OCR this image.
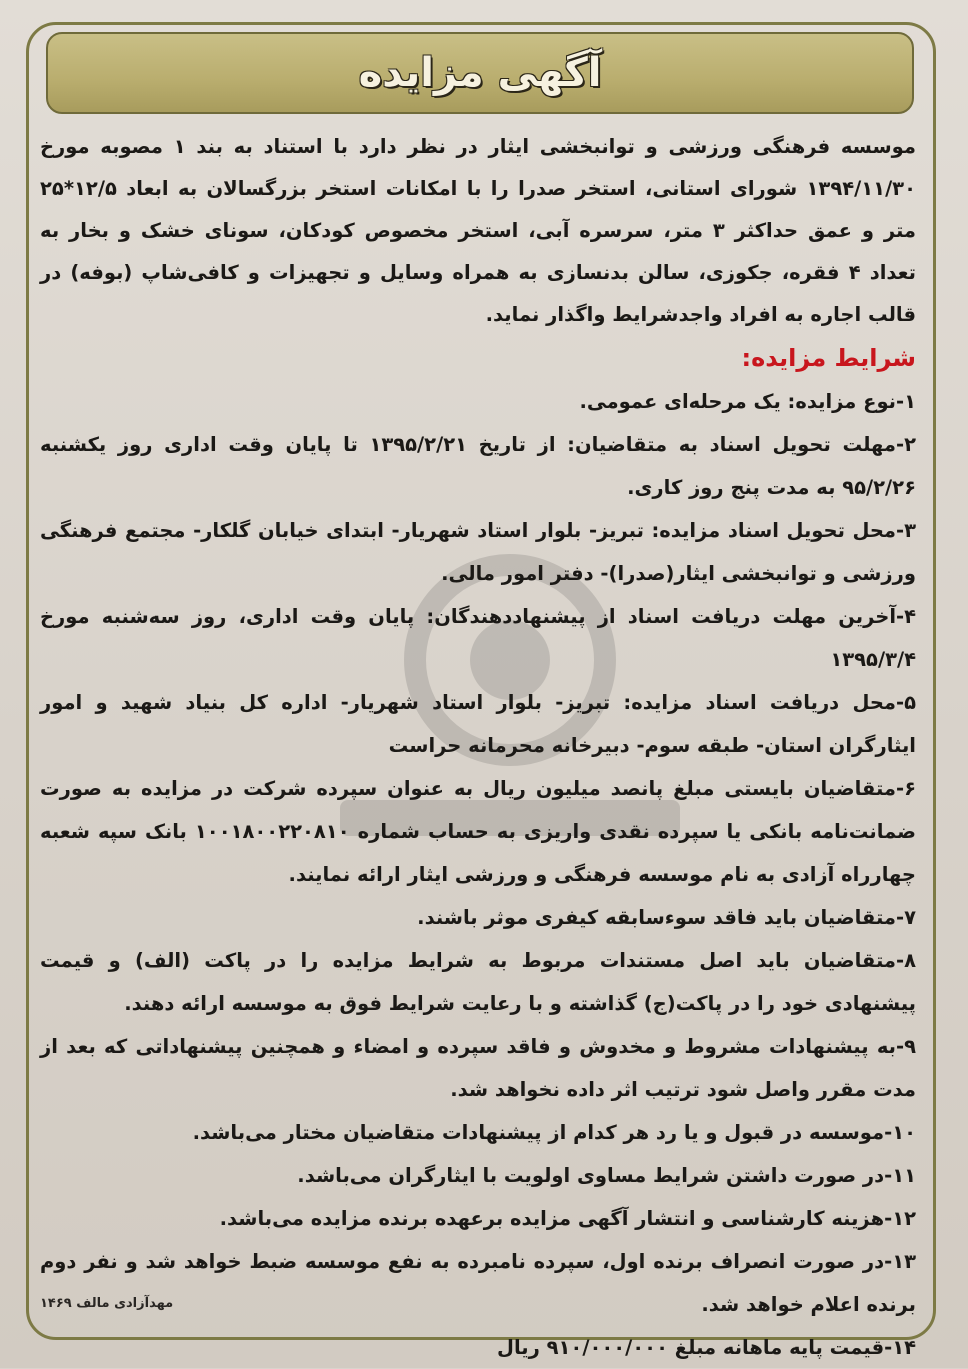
آگهی مزایده

موسسه فرهنگی ورزشی و توانبخشی ایثار در نظر دارد با استناد به بند ۱ مصوبه مورخ ۱۳۹۴/۱۱/۳۰ شورای استانی، استخر صدرا را با امکانات استخر بزرگسالان به ابعاد ۱۲/۵*۲۵ متر و عمق حداکثر ۳ متر، سرسره آبی، استخر مخصوص کودکان، سونای خشک و بخار به تعداد ۴ فقره، جکوزی، سالن بدنسازی به همراه وسایل و تجهیزات و کافی‌شاپ (بوفه) در قالب اجاره به افراد واجدشرایط واگذار نماید.

شرایط مزایده:

۱-نوع مزایده: یک مرحله‌ای عمومی.
۲-مهلت تحویل اسناد به متقاضیان: از تاریخ ۱۳۹۵/۲/۲۱ تا پایان وقت اداری روز یکشنبه ۹۵/۲/۲۶ به مدت پنج روز کاری.
۳-محل تحویل اسناد مزایده: تبریز- بلوار استاد شهریار- ابتدای خیابان گلکار- مجتمع فرهنگی ورزشی و توانبخشی ایثار(صدرا)- دفتر امور مالی.
۴-آخرین مهلت دریافت اسناد از پیشنهاددهندگان: پایان وقت اداری، روز سه‌شنبه مورخ ۱۳۹۵/۳/۴
۵-محل دریافت اسناد مزایده: تبریز- بلوار استاد شهریار- اداره کل بنیاد شهید و امور ایثارگران استان- طبقه سوم- دبیرخانه محرمانه حراست
۶-متقاضیان بایستی مبلغ پانصد میلیون ریال به عنوان سپرده شرکت در مزایده به صورت ضمانت‌نامه بانکی یا سپرده نقدی واریزی به حساب شماره ۱۰۰۱۸۰۰۲۲۰۸۱۰ بانک سپه شعبه چهارراه آزادی به نام موسسه فرهنگی و ورزشی ایثار ارائه نمایند.
۷-متقاضیان باید فاقد سوءسابقه کیفری موثر باشند.
۸-متقاضیان باید اصل مستندات مربوط به شرایط مزایده را در پاکت (الف) و قیمت پیشنهادی خود را در پاکت(ج) گذاشته و با رعایت شرایط فوق به موسسه ارائه دهند.
۹-به پیشنهادات مشروط و مخدوش و فاقد سپرده و امضاء و همچنین پیشنهاداتی که بعد از مدت مقرر واصل شود ترتیب اثر داده نخواهد شد.
۱۰-موسسه در قبول و یا رد هر کدام از پیشنهادات متقاضیان مختار می‌باشد.
۱۱-در صورت داشتن شرایط مساوی اولویت با ایثارگران می‌باشد.
۱۲-هزینه کارشناسی و انتشار آگهی مزایده برعهده برنده مزایده می‌باشد.
۱۳-در صورت انصراف برنده اول، سپرده نامبرده به نفع موسسه ضبط خواهد شد و نفر دوم برنده اعلام خواهد شد.
۱۴-قیمت پایه ماهانه مبلغ ۹۱۰/۰۰۰/۰۰۰ ریال
مهدآزادی مالف ۱۴۶۹
